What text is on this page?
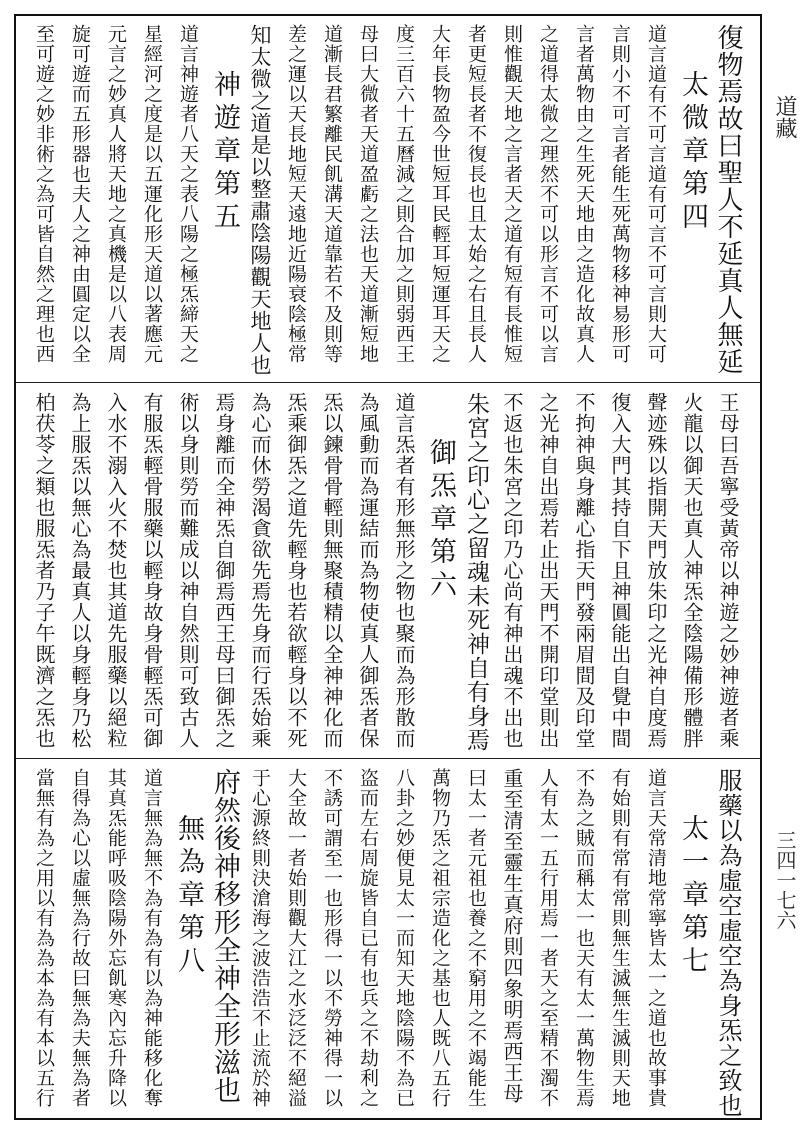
復物焉故曰聖人不延真人無延
太微章第四
道言道有不可言道有可言不可言則大可
言則小不可言者能生死萬物移神易形可
言者萬物由之生死天地由之造化故真人
之道得太微之理然不可以形言不可以言
則惟觀天地之言者天之道有短有長惟短
者更短長者不復長也且太始之右且長人
大年長物盈今世短耳民輕耳短運耳天之
度三百六十五曆減之則合加之則弱西王
母曰大微者天道盈虧之法也天道漸短地
道漸長君繁離民飢溝天道靠若不及則等
差之運以天長地短天遠地近陽衰陰極常
知太微之道是以整肅陰陽觀天地人也
神遊章第五
道言神遊者八天之表八陽之極炁締天之
星經河之度是以五運化形天道以著應元
元言之妙真人將天地之真機是以八表周
旋可遊而五形器也夫人之神由圓定以全
至可遊之妙非術之為可皆自然之理也西
王母曰吾寧受黃帝以神遊之妙神遊者乘
火龍以御天也真人神炁全陰陽備形體胖
聲迹殊以指開天門放朱印之光神自度焉
復入大門其持自下且神圓能出自覺中間
不拘神與身離心指天門發兩眉間及印堂
之光神自出焉若止出天門不開印堂則出
不返也朱宮之印乃心尚有神出魂不出也
朱宮之印心之留魂未死神自有身焉
御炁章第六
道言炁者有形無形之物也聚而為形散而
為風動而為運結而為物使真人御炁者保
炁以鍊骨骨輕則無聚積精以全神神化而
炁乘御炁之道先輕身也若欲輕身以不死
為心而休勞渴貪欲先焉先身而行炁始乘
焉身離而全神炁自御焉西王母曰御炁之
術以身則勞而難成以神自然則可致古人
有服炁輕骨服藥以輕身故身骨輕炁可御
入水不溺入火不焚也其道先服藥以絕粒
為上服炁以無心為最真人以身輕身乃松
柏茯苓之類也服炁者乃子午既濟之炁也
服藥以為虛空虛空為身炁之致也
太一章第七
道言天常清地常寧皆太一之道也故事貴
有始則有常有常則無生滅無生滅則天地
不為之賊而稱太一也天有太一萬物生焉
人有太一五行用焉一者天之至精不濁不
重至清至靈生真府則四象明焉西王母
曰太一者元祖也養之不窮用之不竭能生
萬物乃炁之祖宗造化之基也人既八五行
八卦之妙便見太一而知天地陰陽不為已
盗而左右周旋皆自已有也兵之不劫利之
不誘可謂至一也形得一以不勞神得一以
大全故一者始則觀大江之水泛泛不絕溢
于心源終則決滄海之波浩浩不止流於神
府然後神移形全神全形滋也
無為章第八
道言無為無不為有為有以為神能移化奪
其真炁能呼吸陰陽外忘飢寒內忘升降以
自得為心以虛無為行故曰無為夫無為者
當無有為之用以有為為本為有本以五行
道藏
三四一七六
